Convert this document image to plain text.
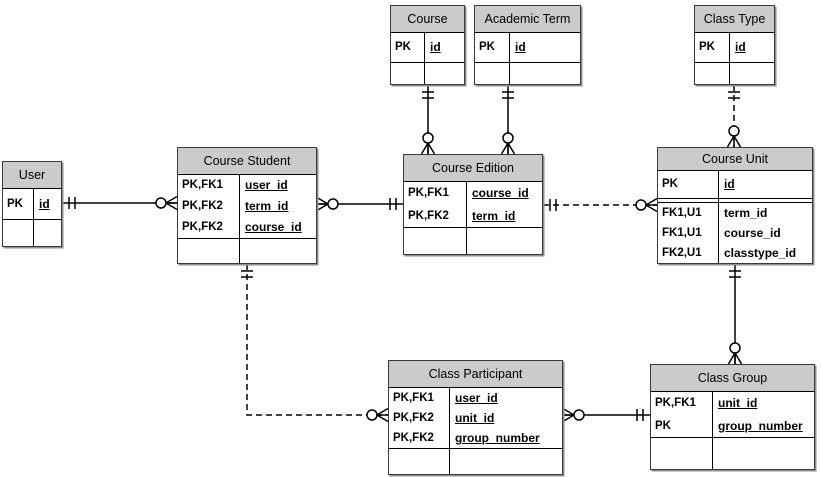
User
PK	id
Course Student
PK,FK1	user_id
PK,FK2	term_id
PK,FK2	course_id
Course
PK	id
Academic Term
PK	id
Class Type
PK	id
Course Edition
PK,FK1	course_id
PK,FK2	term_id
Course Unit
PK	id
FK1,U1	term_id
FK1,U1	course_id
FK2,U1	classtype_id
Class Participant
PK,FK1	user_id
PK,FK2	unit_id
PK,FK2	group_number
Class Group
PK,FK1	unit_id
PK	group_number
